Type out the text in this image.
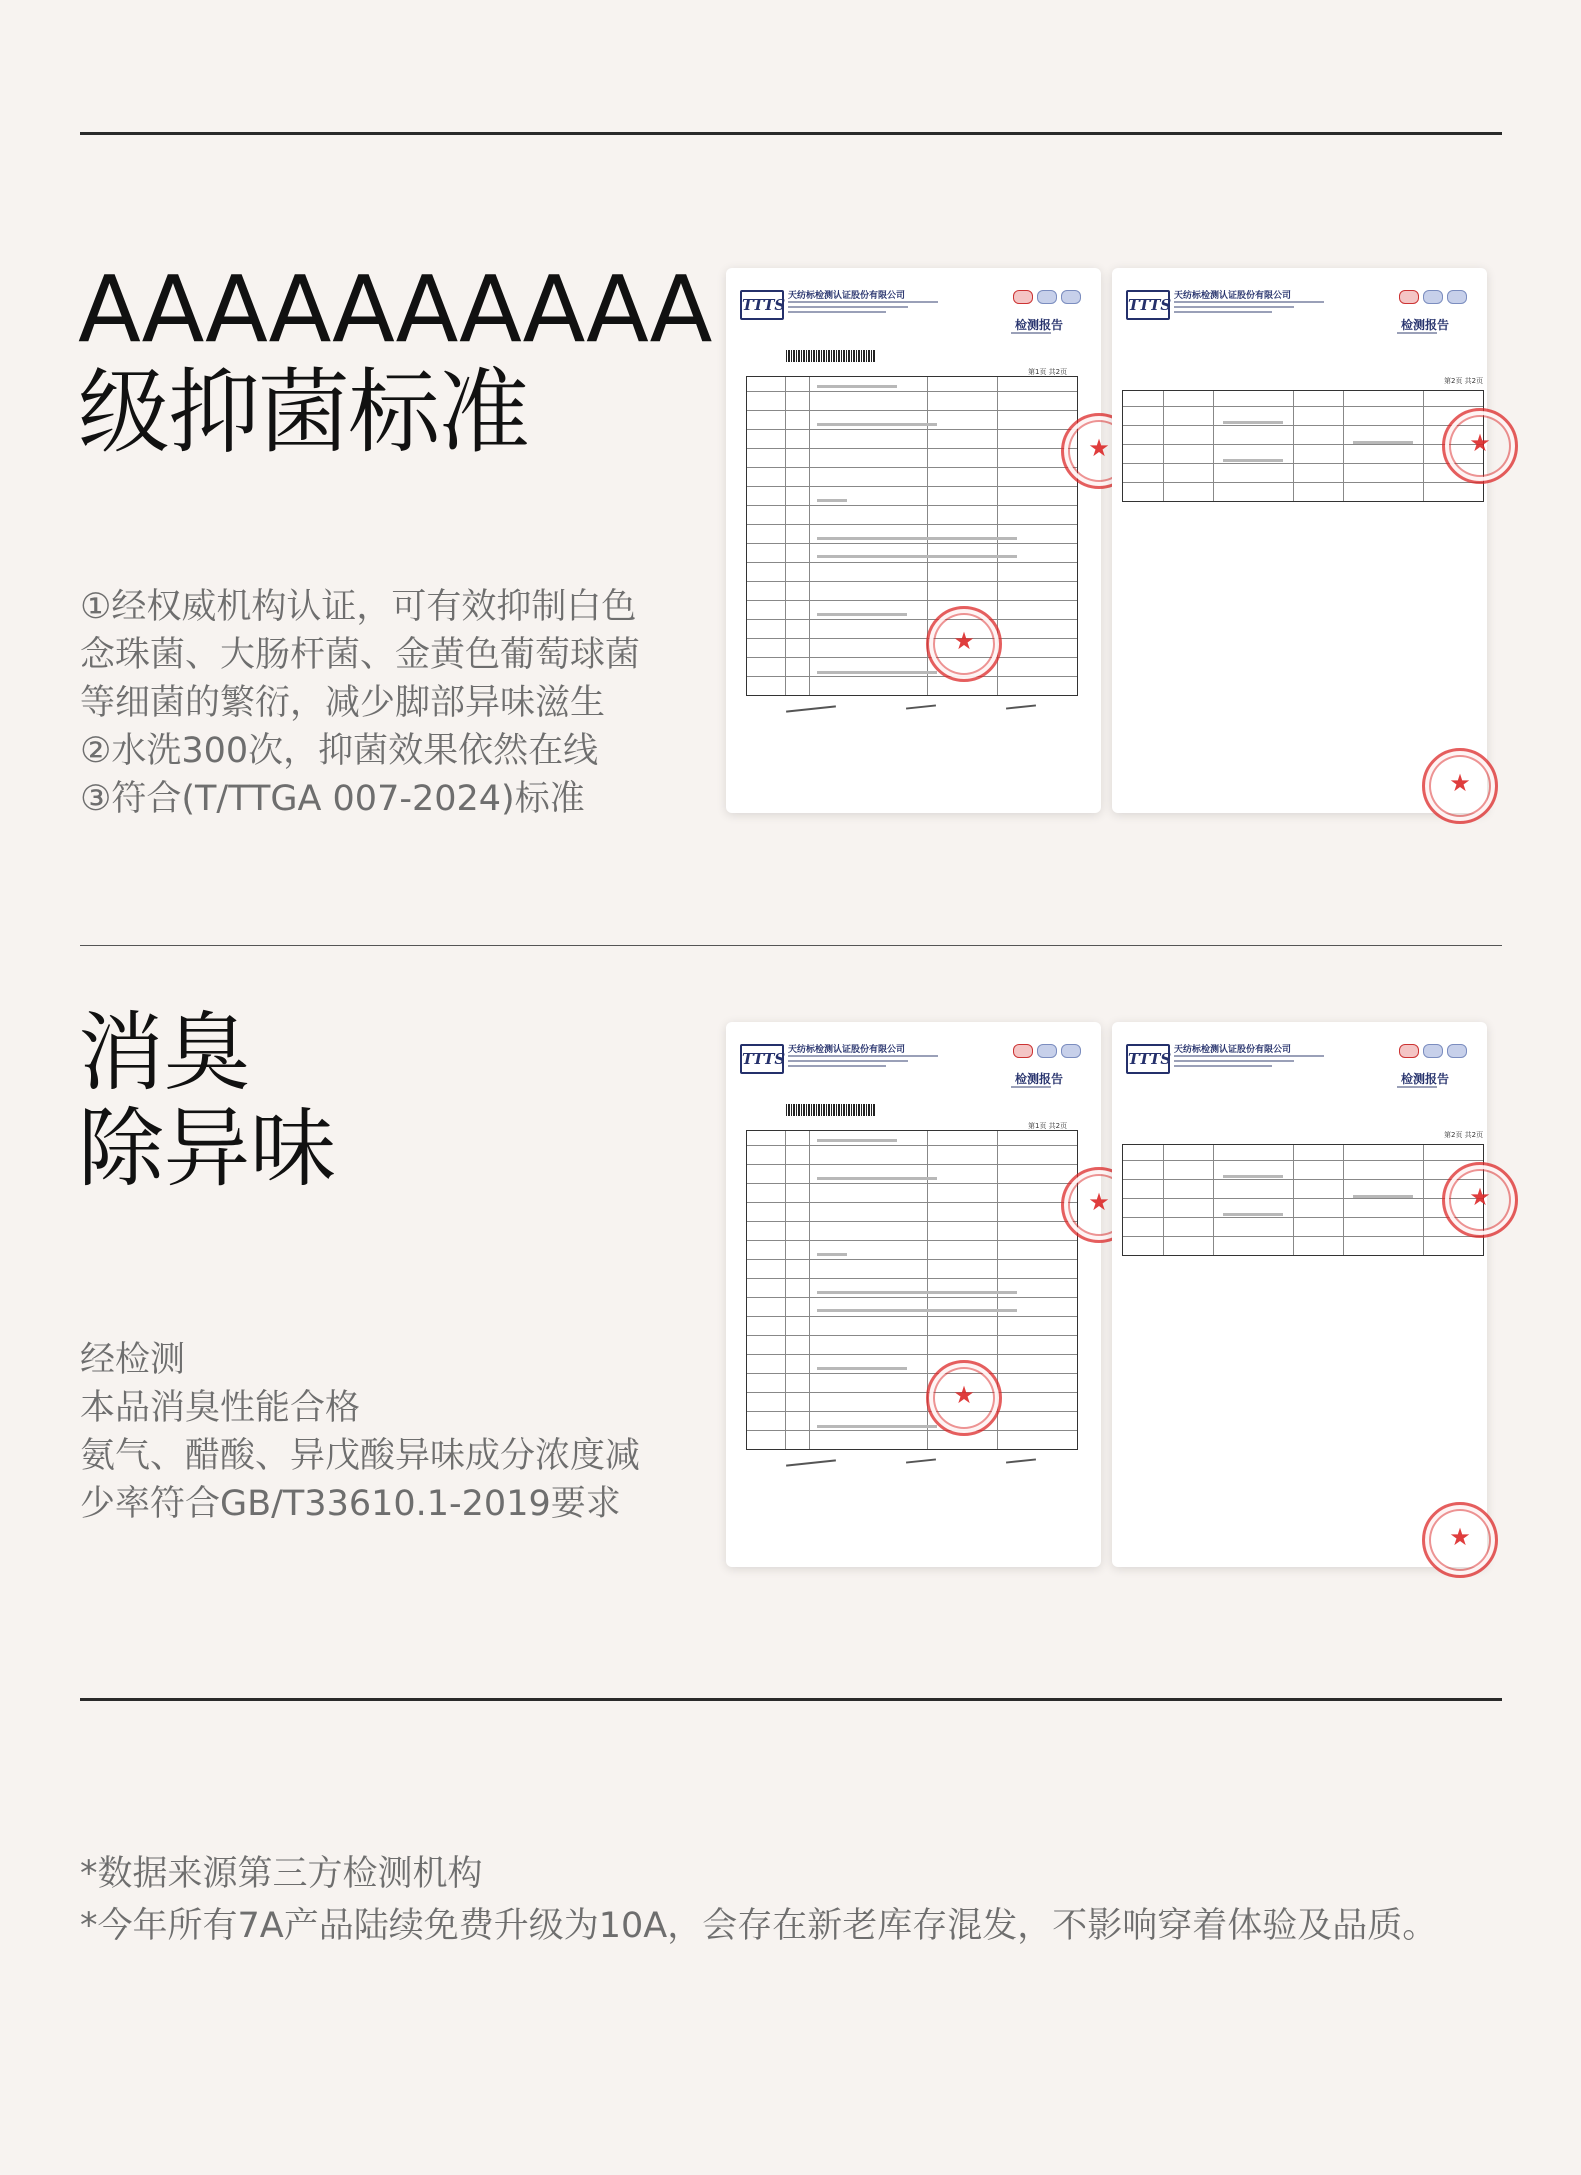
AAAAAAAAAA
级抑菌标准
①经权威机构认证，可有效抑制白色
念珠菌、大肠杆菌、金黄色葡萄球菌
等细菌的繁衍，减少脚部异味滋生
②水洗300次，抑菌效果依然在线
③符合(T/TTGA 007-2024)标准
TTTS 天纺标检测认证股份有限公司
检测报告
第1页 共2页
★
★
TTTS 天纺标检测认证股份有限公司
检测报告
第2页 共2页
★
★
消臭
除异味
经检测
本品消臭性能合格
氨气、醋酸、异戊酸异味成分浓度减
少率符合GB/T33610.1-2019要求
TTTS 天纺标检测认证股份有限公司
检测报告
第1页 共2页
★
★
TTTS 天纺标检测认证股份有限公司
检测报告
第2页 共2页
★
★
*数据来源第三方检测机构
*今年所有7A产品陆续免费升级为10A，会存在新老库存混发，不影响穿着体验及品质。
